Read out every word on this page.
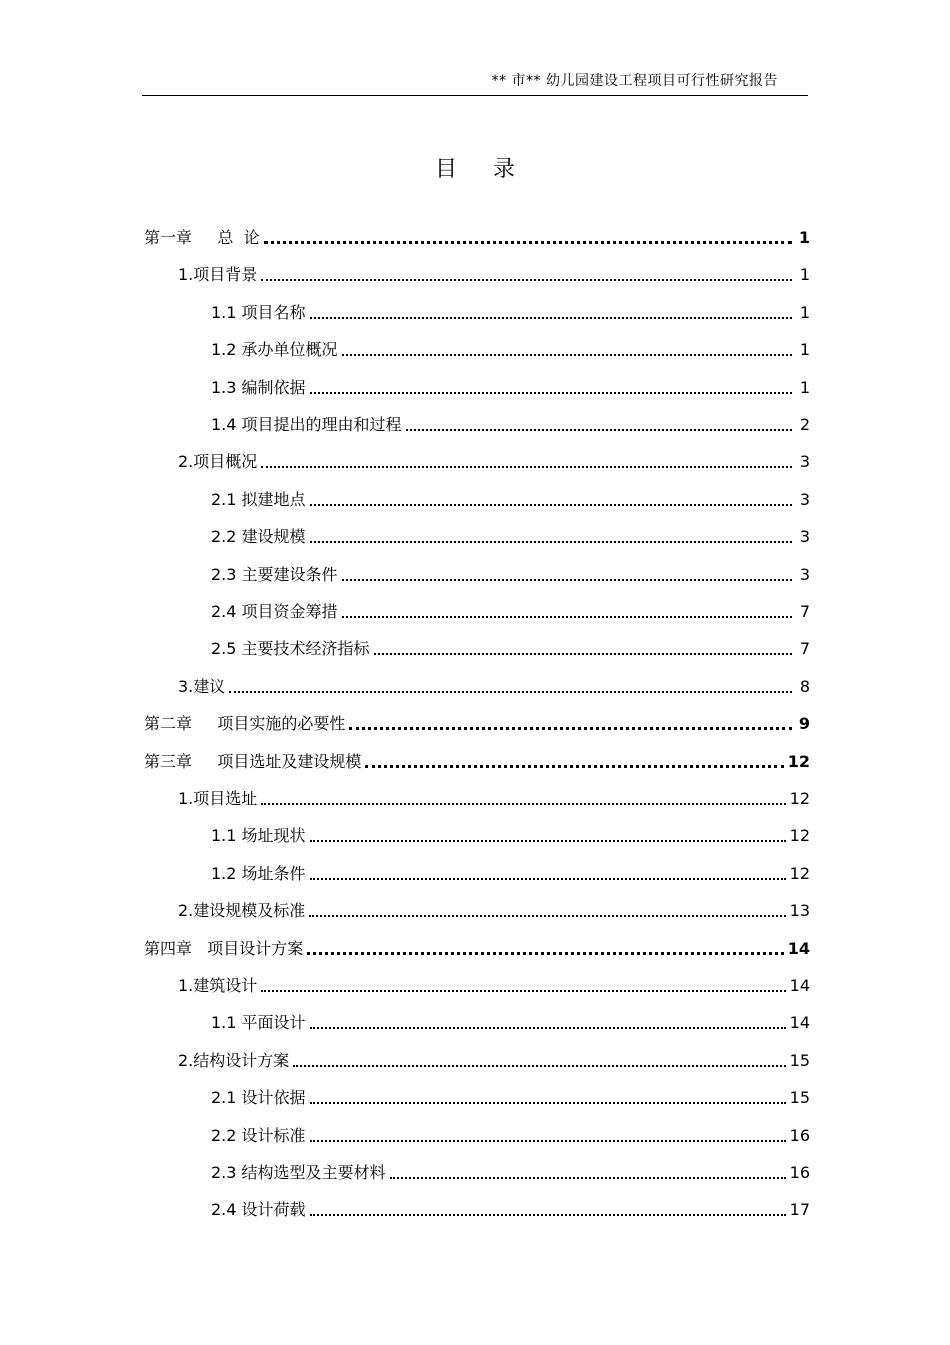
** 市** 幼儿园建设工程项目可行性研究报告
目录
第一章     总  论	1
1.项目背景	1
1.1 项目名称	1
1.2 承办单位概况	1
1.3 编制依据	1
1.4 项目提出的理由和过程	2
2.项目概况	3
2.1 拟建地点	3
2.2 建设规模	3
2.3 主要建设条件	3
2.4 项目资金筹措	7
2.5 主要技术经济指标	7
3.建议	8
第二章     项目实施的必要性	9
第三章     项目选址及建设规模	12
1.项目选址	12
1.1 场址现状	12
1.2 场址条件	12
2.建设规模及标准	13
第四章   项目设计方案	14
1.建筑设计	14
1.1 平面设计	14
2.结构设计方案	15
2.1 设计依据	15
2.2 设计标准	16
2.3 结构选型及主要材料	16
2.4 设计荷载	17
